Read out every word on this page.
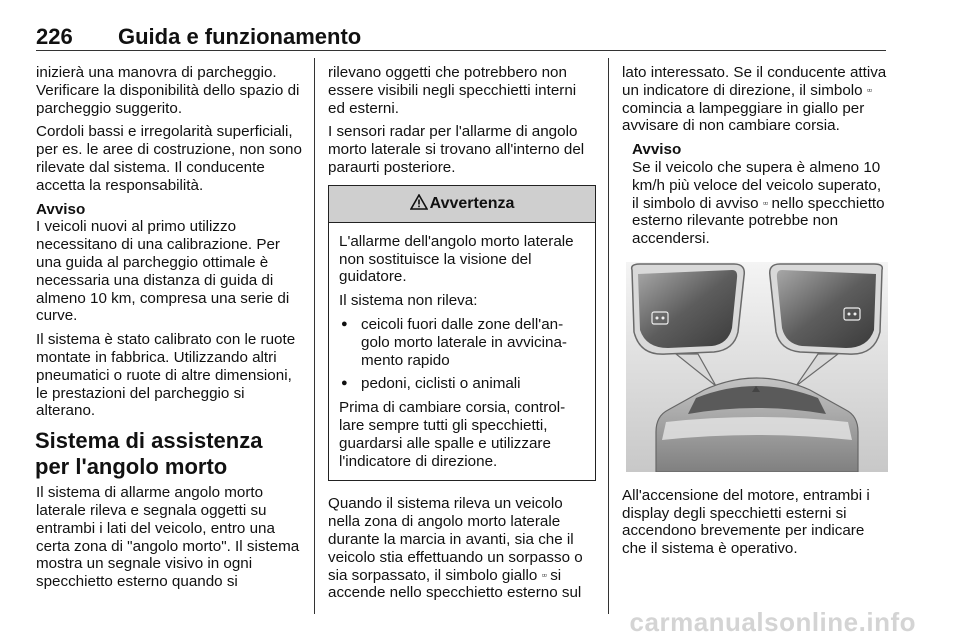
226 Guida e funzionamento

inizierà una manovra di parcheggio. Verificare la disponibilità dello spazio di parcheggio suggerito.

Cordoli bassi e irregolarità superficiali, per es. le aree di costruzione, non sono rilevate dal sistema. Il conducente accetta la responsabilità.

Avviso

I veicoli nuovi al primo utilizzo necessitano di una calibrazione. Per una guida al parcheggio ottimale è necessaria una distanza di guida di almeno 10 km, compresa una serie di curve.

Il sistema è stato calibrato con le ruote montate in fabbrica. Utilizzando altri pneumatici o ruote di altre dimensioni, le prestazioni del parcheggio si alterano.

Sistema di assistenza per l'angolo morto

Il sistema di allarme angolo morto laterale rileva e segnala oggetti su entrambi i lati del veicolo, entro una certa zona di "angolo morto". Il sistema mostra un segnale visivo in ogni specchietto esterno quando si

rilevano oggetti che potrebbero non essere visibili negli specchietti interni ed esterni.

I sensori radar per l'allarme di angolo morto laterale si trovano all'interno del paraurti posteriore.

Avvertenza

L'allarme dell'angolo morto laterale non sostituisce la visione del guidatore.

Il sistema non rileva:

● ceicoli fuori dalle zone dell'angolo morto laterale in avvicinamento rapido
● pedoni, ciclisti o animali

Prima di cambiare corsia, controllare sempre tutti gli specchietti, guardarsi alle spalle e utilizzare l'indicatore di direzione.

Quando il sistema rileva un veicolo nella zona di angolo morto laterale durante la marcia in avanti, sia che il veicolo stia effettuando un sorpasso o sia sorpassato, il simbolo giallo ▫▫ si accende nello specchietto esterno sul

lato interessato. Se il conducente attiva un indicatore di direzione, il simbolo ▫▫ comincia a lampeggiare in giallo per avvisare di non cambiare corsia.

Avviso

Se il veicolo che supera è almeno 10 km/h più veloce del veicolo superato, il simbolo di avviso ▫▫ nello specchietto esterno rilevante potrebbe non accendersi.

All'accensione del motore, entrambi i display degli specchietti esterni si accendono brevemente per indicare che il sistema è operativo.

carmanualsonline.info
